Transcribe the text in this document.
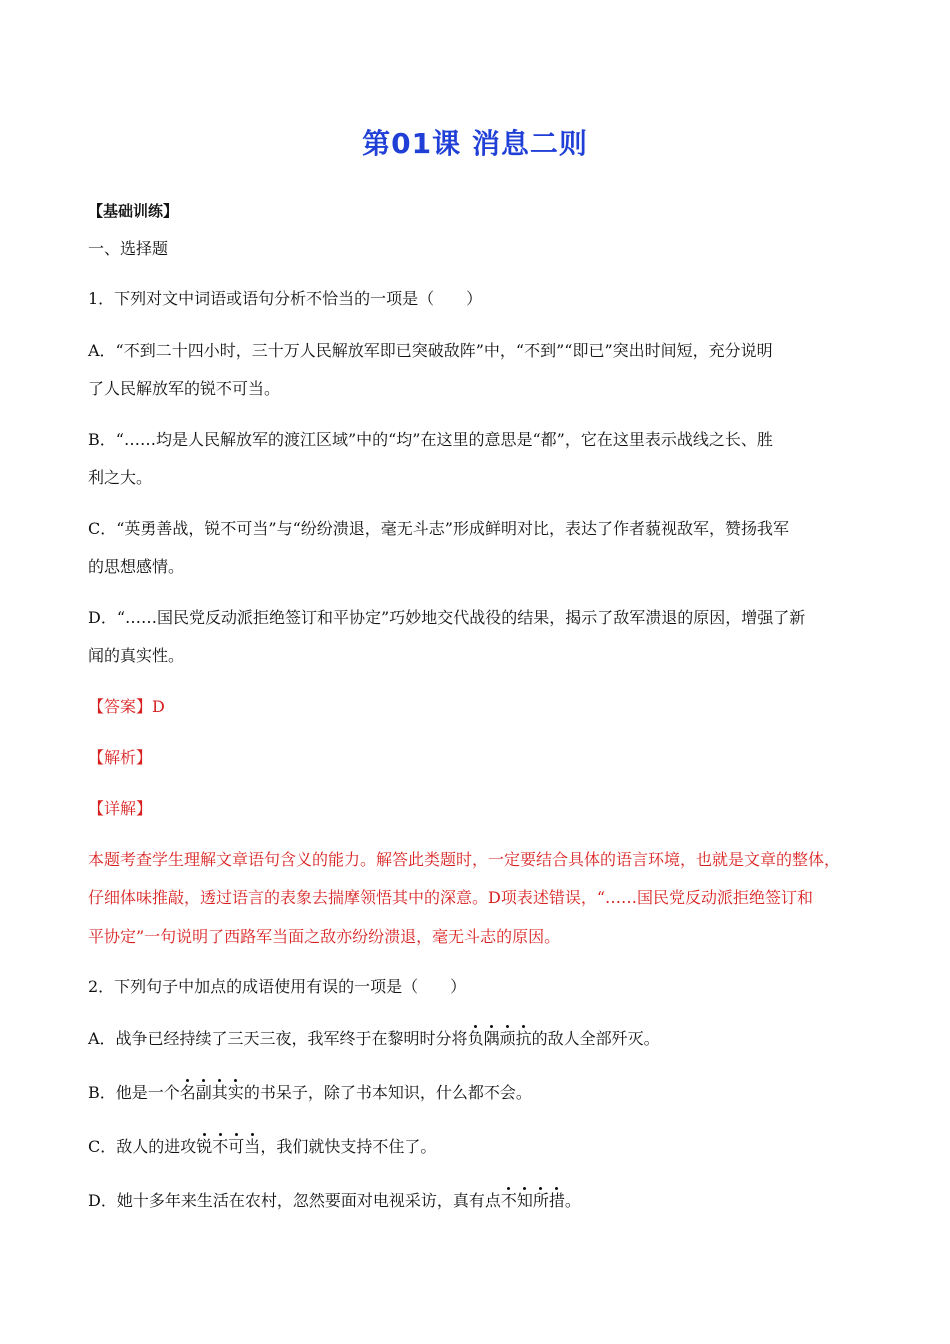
第01课 消息二则
【基础训练】
一、选择题
1．下列对文中词语或语句分析不恰当的一项是（　　）
A．“不到二十四小时，三十万人民解放军即已突破敌阵”中，“不到”“即已”突出时间短，充分说明
了人民解放军的锐不可当。
B．“……均是人民解放军的渡江区域”中的“均”在这里的意思是“都”，它在这里表示战线之长、胜
利之大。
C．“英勇善战，锐不可当”与“纷纷溃退，毫无斗志”形成鲜明对比，表达了作者藐视敌军，赞扬我军
的思想感情。
D．“……国民党反动派拒绝签订和平协定”巧妙地交代战役的结果，揭示了敌军溃退的原因，增强了新
闻的真实性。
【答案】D
【解析】
【详解】
本题考查学生理解文章语句含义的能力。解答此类题时，一定要结合具体的语言环境，也就是文章的整体，
仔细体味推敲，透过语言的表象去揣摩领悟其中的深意。D项表述错误，“……国民党反动派拒绝签订和
平协定”一句说明了西路军当面之敌亦纷纷溃退，毫无斗志的原因。
2．下列句子中加点的成语使用有误的一项是（　　）
A．战争已经持续了三天三夜，我军终于在黎明时分将负隅顽抗的敌人全部歼灭。
B．他是一个名副其实的书呆子，除了书本知识，什么都不会。
C．敌人的进攻锐不可当，我们就快支持不住了。
D．她十多年来生活在农村，忽然要面对电视采访，真有点不知所措。
